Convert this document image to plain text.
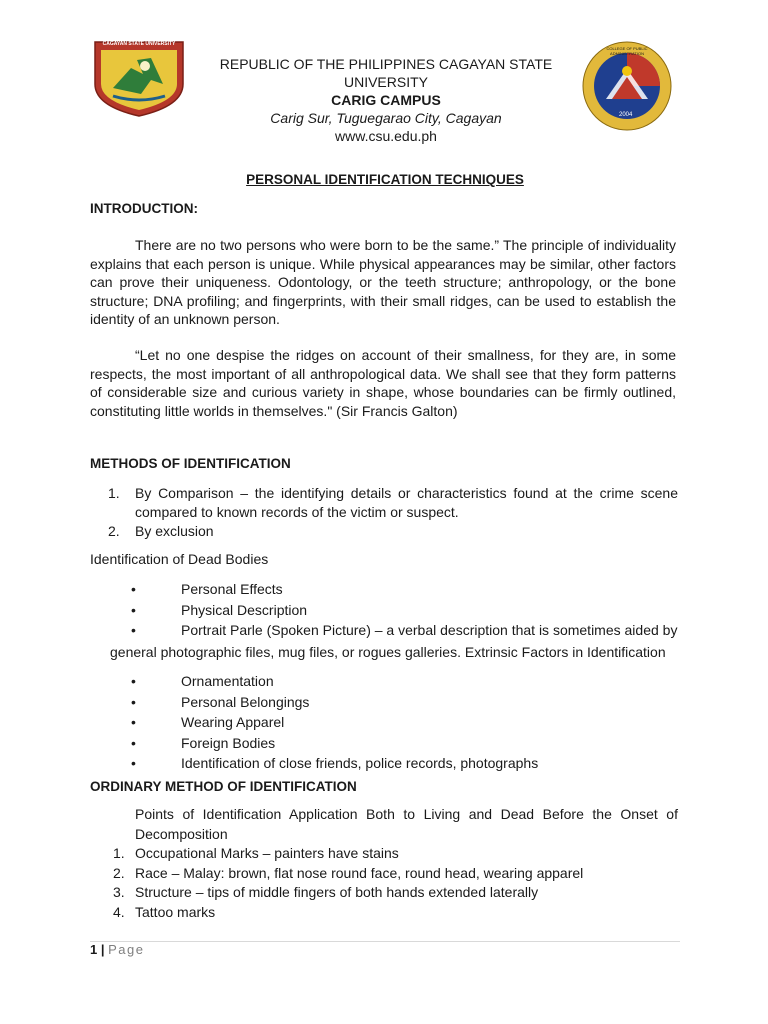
CAGAYAN STATE UNIVERSITY
COLLEGE OF PUBLIC ADMINISTRATION
2004
REPUBLIC OF THE PHILIPPINES CAGAYAN STATE
UNIVERSITY
CARIG CAMPUS
Carig Sur, Tuguegarao City, Cagayan
www.csu.edu.ph
PERSONAL IDENTIFICATION TECHNIQUES
INTRODUCTION:
There are no two persons who were born to be the same.” The principle of individuality explains that each person is unique. While physical appearances may be similar, other factors can prove their uniqueness. Odontology, or the teeth structure; anthropology, or the bone structure; DNA profiling; and fingerprints, with their small ridges, can be used to establish the identity of an unknown person.
“Let no one despise the ridges on account of their smallness, for they are, in some respects, the most important of all anthropological data. We shall see that they form patterns of considerable size and curious variety in shape, whose boundaries can be firmly outlined, constituting little worlds in themselves." (Sir Francis Galton)
METHODS OF IDENTIFICATION
1.	By Comparison – the identifying details or characteristics found at the crime scene compared to known records of the victim or suspect.
2.	By exclusion
Identification of Dead Bodies
•	Personal Effects
•	Physical Description
•	Portrait Parle (Spoken Picture) – a verbal description that is sometimes aided by
general photographic files, mug files, or rogues galleries. Extrinsic Factors in Identification
•	Ornamentation
•	Personal Belongings
•	Wearing Apparel
•	Foreign Bodies
•	Identification of close friends, police records, photographs
ORDINARY METHOD OF IDENTIFICATION
Points of Identification Application Both to Living and Dead Before the Onset of Decomposition
1. Occupational Marks – painters have stains
2. Race – Malay: brown, flat nose round face, round head, wearing apparel
3. Structure – tips of middle fingers of both hands extended laterally
4. Tattoo marks
1 | Page
